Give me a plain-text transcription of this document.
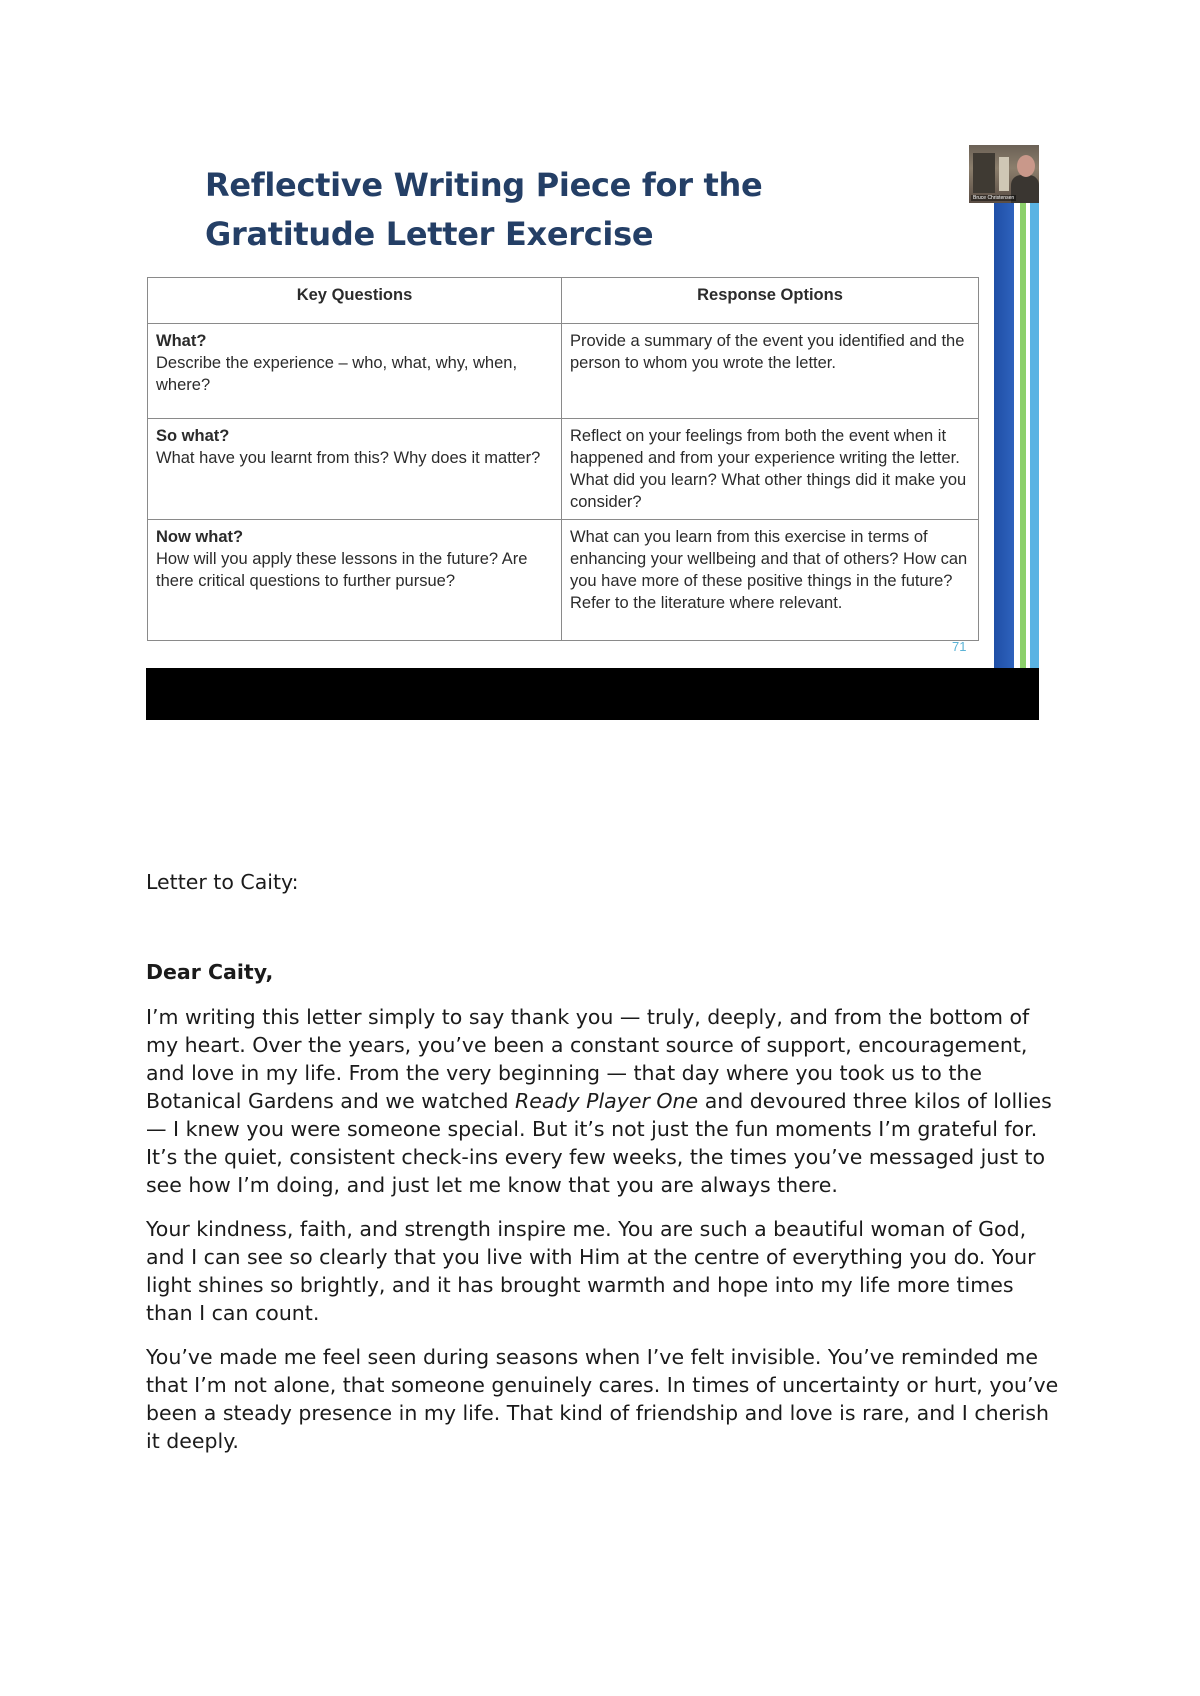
Reflective Writing Piece for the
Gratitude Letter Exercise
Key Questions	Response Options

What?
Describe the experience – who, what, why, when, where?	Provide a summary of the event you identified and the person to whom you wrote the letter.

So what?
What have you learnt from this? Why does it matter?	Reflect on your feelings from both the event when it happened and from your experience writing the letter. What did you learn? What other things did it make you consider?

Now what?
How will you apply these lessons in the future? Are there critical questions to further pursue?	What can you learn from this exercise in terms of enhancing your wellbeing and that of others? How can you have more of these positive things in the future? Refer to the literature where relevant.
71
Bruce Christensen

Letter to Caity:

Dear Caity,

I’m writing this letter simply to say thank you — truly, deeply, and from the bottom of my heart. Over the years, you’ve been a constant source of support, encouragement, and love in my life. From the very beginning — that day where you took us to the Botanical Gardens and we watched Ready Player One and devoured three kilos of lollies — I knew you were someone special. But it’s not just the fun moments I’m grateful for. It’s the quiet, consistent check-ins every few weeks, the times you’ve messaged just to see how I’m doing, and just let me know that you are always there.

Your kindness, faith, and strength inspire me. You are such a beautiful woman of God, and I can see so clearly that you live with Him at the centre of everything you do. Your light shines so brightly, and it has brought warmth and hope into my life more times than I can count.

You’ve made me feel seen during seasons when I’ve felt invisible. You’ve reminded me that I’m not alone, that someone genuinely cares. In times of uncertainty or hurt, you’ve been a steady presence in my life. That kind of friendship and love is rare, and I cherish it deeply.
